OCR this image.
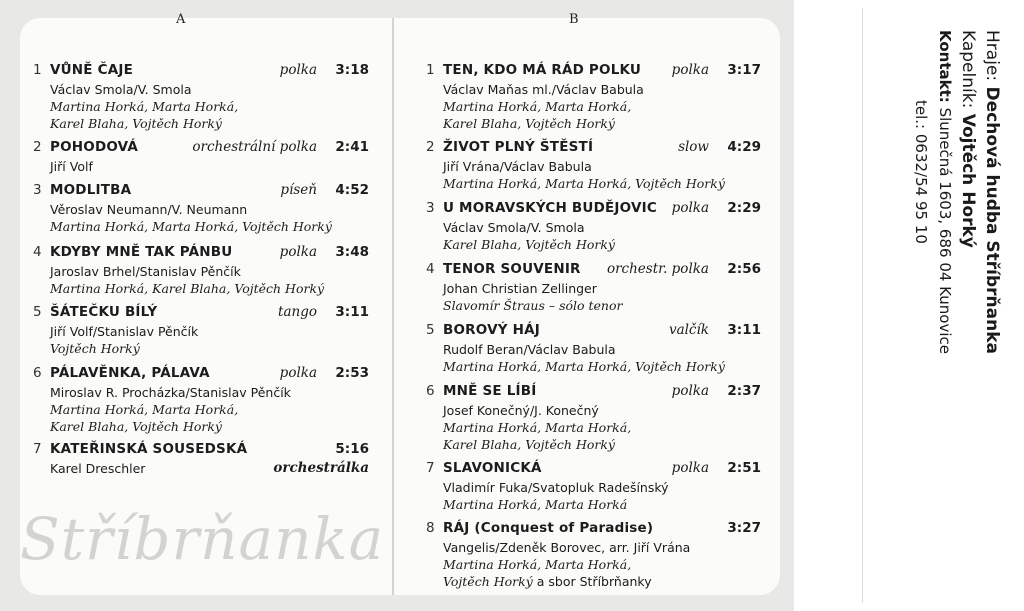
A	B
1 VŮNĚ ČAJE	polka 3:18
Václav Smola/V. Smola
Martina Horká, Marta Horká,
Karel Blaha, Vojtěch Horký
2 POHODOVÁ	orchestrální polka 2:41
Jiří Volf
3 MODLITBA	píseň 4:52
Věroslav Neumann/V. Neumann
Martina Horká, Marta Horká, Vojtěch Horký
4 KDYBY MNĚ TAK PÁNBU	polka 3:48
Jaroslav Brhel/Stanislav Pěnčík
Martina Horká, Karel Blaha, Vojtěch Horký
5 ŠÁTEČKU BÍLÝ	tango 3:11
Jiří Volf/Stanislav Pěnčík
Vojtěch Horký
6 PÁLAVĚNKA, PÁLAVA	polka 2:53
Miroslav R. Procházka/Stanislav Pěnčík
Martina Horká, Marta Horká,
Karel Blaha, Vojtěch Horký
7 KATEŘINSKÁ SOUSEDSKÁ	5:16
Karel Dreschler	orchestrálka
1 TEN, KDO MÁ RÁD POLKU polka 3:17
Václav Maňas ml./Václav Babula
Martina Horká, Marta Horká,
Karel Blaha, Vojtěch Horký
2 ŽIVOT PLNÝ ŠTĚSTÍ	slow 4:29
Jiří Vrána/Václav Babula
Martina Horká, Marta Horká, Vojtěch Horký
3 U MORAVSKÝCH BUDĚJOVIC polka 2:29
Václav Smola/V. Smola
Karel Blaha, Vojtěch Horký
4 TENOR SOUVENIR orchestr. polka 2:56
Johan Christian Zellinger
Slavomír Štraus – sólo tenor
5 BOROVÝ HÁJ	valčík 3:11
Rudolf Beran/Václav Babula
Martina Horká, Marta Horká, Vojtěch Horký
6 MNĚ SE LÍBÍ	polka 2:37
Josef Konečný/J. Konečný
Martina Horká, Marta Horká,
Karel Blaha, Vojtěch Horký
7 SLAVONICKÁ	polka 2:51
Vladimír Fuka/Svatopluk Radešínský
Martina Horká, Marta Horká
8 RÁJ (Conquest of Paradise)	3:27
Vangelis/Zdeněk Borovec, arr. Jiří Vrána
Martina Horká, Marta Horká,
Vojtěch Horký a sbor Stříbrňanky
Stříbrňanka
Hraje: Dechová hudba Stříbrňanka
Kapelník: Vojtěch Horký
Kontakt: Slunečná 1603, 686 04 Kunovice
tel.: 0632/54 95 10
